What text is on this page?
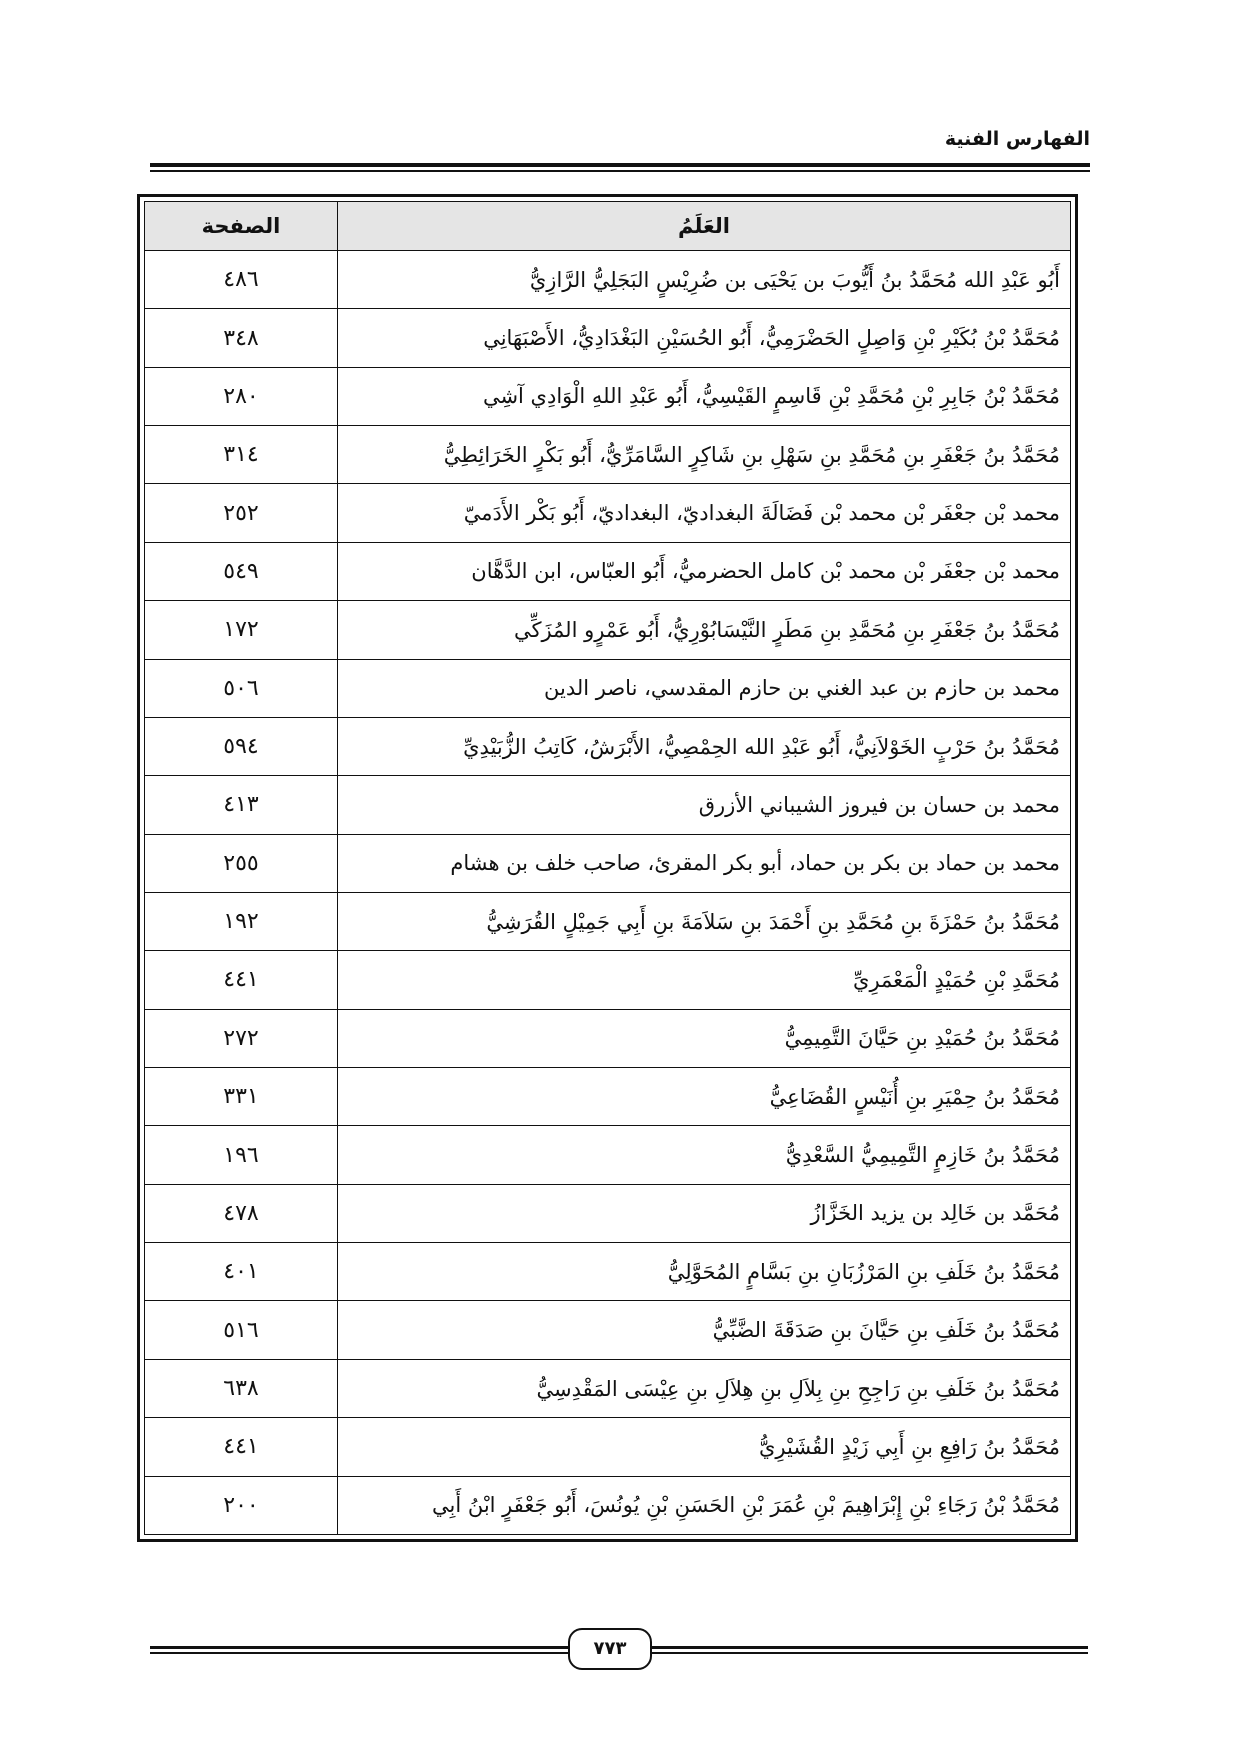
الفهارس الفنية
العَلَمُ	الصفحة
أَبُو عَبْدِ الله مُحَمَّدُ بنُ أَيُّوبَ بن يَحْيَى بن ضُرِيْسٍ البَجَلِيُّ الرَّازِيُّ	٤٨٦
مُحَمَّدُ بْنُ بُكَيْرِ بْنِ وَاصِلٍ الحَضْرَمِيُّ، أَبُو الحُسَيْنِ البَغْدَادِيُّ، الأَصْبَهَانِي	٣٤٨
مُحَمَّدُ بْنُ جَابِرِ بْنِ مُحَمَّدِ بْنِ قَاسِمٍ القَيْسِيُّ، أَبُو عَبْدِ اللهِ الْوَادِي آشِي	٢٨٠
مُحَمَّدُ بنُ جَعْفَرِ بنِ مُحَمَّدِ بنِ سَهْلِ بنِ شَاكِرٍ السَّامَرِّيُّ، أَبُو بَكْرٍ الخَرَائِطِيُّ	٣١٤
محمد بْن جعْفَر بْن محمد بْن فَضَالَةَ البغداديّ، البغداديّ، أَبُو بَكْر الأَدَميّ	٢٥٢
محمد بْن جعْفَر بْن محمد بْن كامل الحضرميُّ، أَبُو العبّاس، ابن الدَّهَّان	٥٤٩
مُحَمَّدُ بنُ جَعْفَرِ بنِ مُحَمَّدِ بنِ مَطَرٍ النَّيْسَابُوْرِيُّ، أَبُو عَمْرٍو المُزَكِّي	١٧٢
محمد بن حازم بن عبد الغني بن حازم المقدسي، ناصر الدين	٥٠٦
مُحَمَّدُ بنُ حَرْبٍ الخَوْلاَنِيُّ، أَبُو عَبْدِ الله الحِمْصِيُّ، الأَبْرَشُ، كَاتِبُ الزُّبَيْدِيِّ	٥٩٤
محمد بن حسان بن فيروز الشيباني الأزرق	٤١٣
محمد بن حماد بن بكر بن حماد، أبو بكر المقرئ، صاحب خلف بن هشام	٢٥٥
مُحَمَّدُ بنُ حَمْزَةَ بنِ مُحَمَّدِ بنِ أَحْمَدَ بنِ سَلاَمَةَ بنِ أَبِي جَمِيْلٍ القُرَشِيُّ	١٩٢
مُحَمَّدِ بْنِ حُمَيْدٍ الْمَعْمَرِيِّ	٤٤١
مُحَمَّدُ بنُ حُمَيْدِ بنِ حَيَّانَ التَّمِيمِيُّ	٢٧٢
مُحَمَّدُ بنُ حِمْيَرِ بنِ أُنَيْسٍ القُضَاعِيُّ	٣٣١
مُحَمَّدُ بنُ خَازِمٍ التَّمِيمِيُّ السَّعْدِيُّ	١٩٦
مُحَمَّد بن خَالِد بن يزيد الخَزَّازُ	٤٧٨
مُحَمَّدُ بنُ خَلَفِ بنِ المَرْزُبَانِ بنِ بَسَّامٍ المُحَوَّلِيُّ	٤٠١
مُحَمَّدُ بنُ خَلَفِ بنِ حَيَّانَ بنِ صَدَقَةَ الضَّبِّيُّ	٥١٦
مُحَمَّدُ بنُ خَلَفِ بنِ رَاجِحِ بنِ بِلاَلِ بنِ هِلاَلِ بنِ عِيْسَى المَقْدِسِيُّ	٦٣٨
مُحَمَّدُ بنُ رَافِعِ بنِ أَبِي زَيْدٍ القُشَيْرِيُّ	٤٤١
مُحَمَّدُ بْنُ رَجَاءِ بْنِ إِبْرَاهِيمَ بْنِ عُمَرَ بْنِ الحَسَنِ بْنِ يُونُسَ، أَبُو جَعْفَرٍ ابْنُ أَبِي	٢٠٠
٧٧٣
